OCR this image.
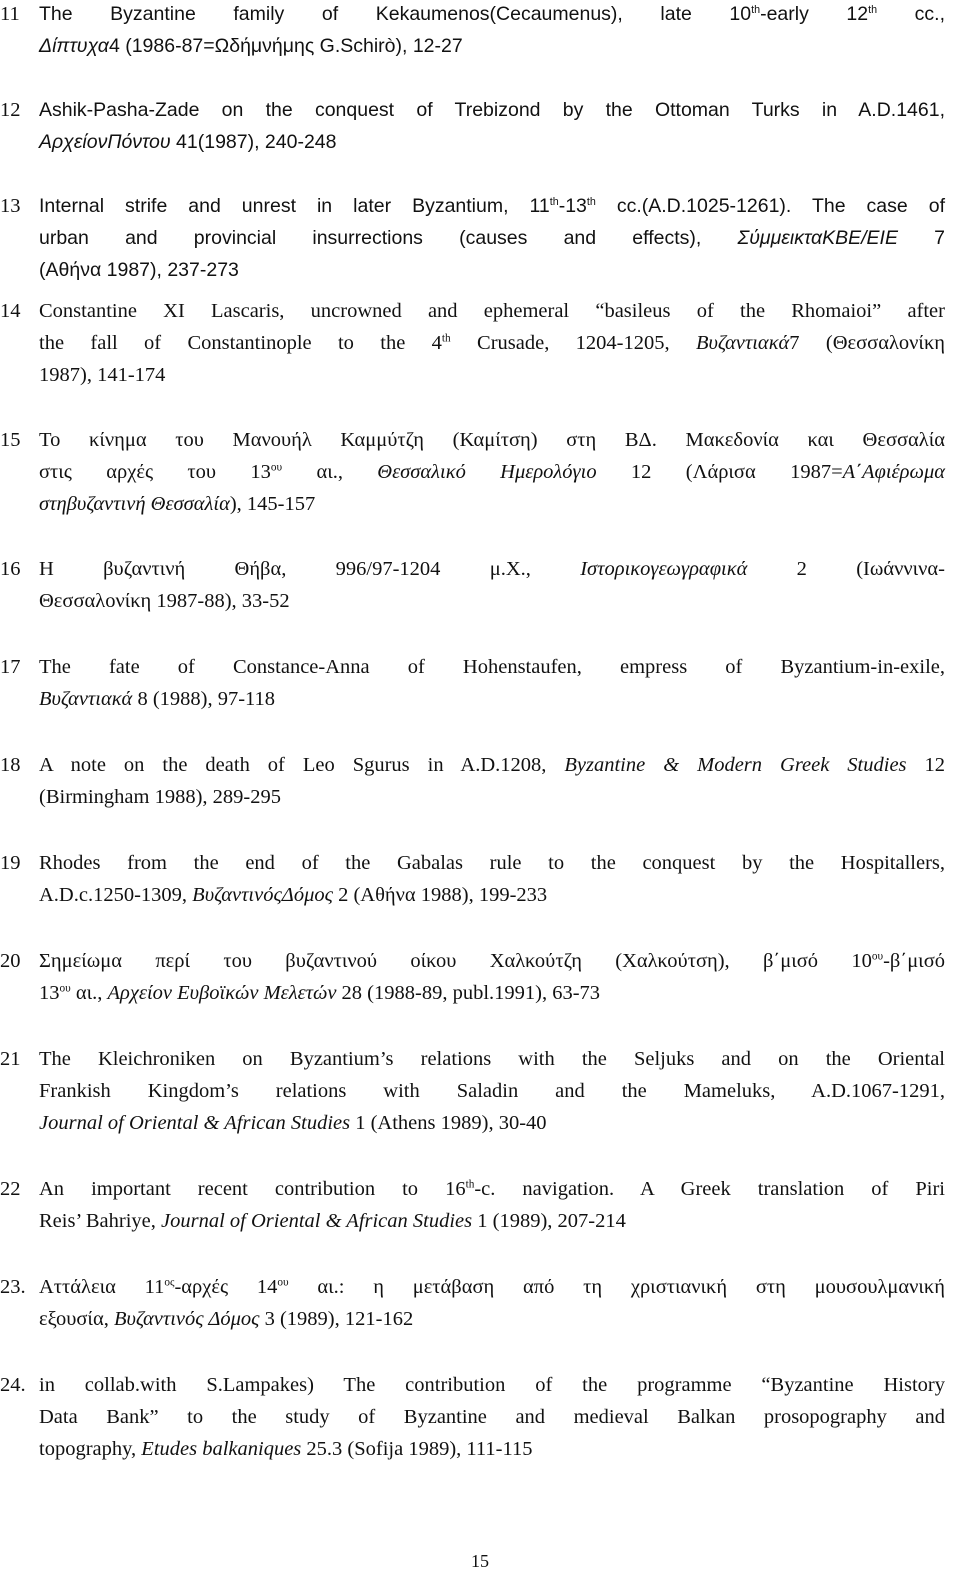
11 The Byzantine family of Kekaumenos(Cecaumenus), late 10th-early 12th cc.,
Δίπτυχα4 (1986-87=Ωδήμνήμης G.Schirò), 12-27
12 Ashik-Pasha-Zade on the conquest of Trebizond by the Ottoman Turks in A.D.1461,
ΑρχείονΠόντου 41(1987), 240-248
13 Internal strife and unrest in later Byzantium, 11th-13th cc.(A.D.1025-1261). The case of
urban and provincial insurrections (causes and effects), ΣύμμεικταΚΒΕ/ΕΙΕ 7
(Αθήνα 1987), 237-273
14 Constantine XI Lascaris, uncrowned and ephemeral “basileus of the Rhomaioi” after
the fall of Constantinople to the 4th Crusade, 1204-1205, Βυζαντιακά7 (Θεσσαλονίκη
1987), 141-174
15 Το κίνημα του Μανουήλ Καμμύτζη (Καμίτση) στη ΒΔ. Μακεδονία και Θεσσαλία
στις αρχές του $13^{o\upsilon}$ αι., Θεσσαλικό Ημερολόγιο 12 (Λάρισα 1987=Α΄Αφιέρωμα
στηβυζαντινή Θεσσαλία), 145-157
16 Η βυζαντινή Θήβα, 996/97-1204 μ.Χ., Ιστορικογεωγραφικά 2 (Ιωάννινα-
Θεσσαλονίκη 1987-88), 33-52
17 The fate of Constance-Anna of Hohenstaufen, empress of Byzantium-in-exile,
Βυζαντιακά 8 (1988), 97-118
18 A note on the death of Leo Sgurus in A.D.1208, Byzantine & Modern Greek Studies 12
(Birmingham 1988), 289-295
19 Rhodes from the end of the Gabalas rule to the conquest by the Hospitallers,
A.D.c.1250-1309, ΒυζαντινόςΔόμος 2 (Αθήνα 1988), 199-233
20 Σημείωμα περί του βυζαντινού οίκου Χαλκούτζη (Χαλκούτση), β΄μισό $10^{o\upsilon}-\beta΄\mu\iota\sigma ό$
$13^{o\upsilon}$ αι., Αρχείον Ευβοϊκών Μελετών 28 (1988-89, publ.1991), 63-73
21 The Kleichroniken on Byzantium’s relations with the Seljuks and on the Oriental
Frankish Kingdom’s relations with Saladin and the Mameluks, A.D.1067-1291,
Journal of Oriental & African Studies 1 (Athens 1989), 30-40
22 An important recent contribution to 16th-c. navigation. A Greek translation of Piri
Reis’ Bahriye, Journal of Oriental & African Studies 1 (1989), 207-214
23. Αττάλεια $11^{o\varsigma}$-αρχές $14^{o\upsilon}$ αι.: η μετάβαση από τη χριστιανική στη μουσουλμανική
εξουσία, Βυζαντινός Δόμος 3 (1989), 121-162
24. in collab.with S.Lampakes) The contribution of the programme “Byzantine History
Data Bank” to the study of Byzantine and medieval Balkan prosopography and
topography, Etudes balkaniques 25.3 (Sofija 1989), 111-115
15
